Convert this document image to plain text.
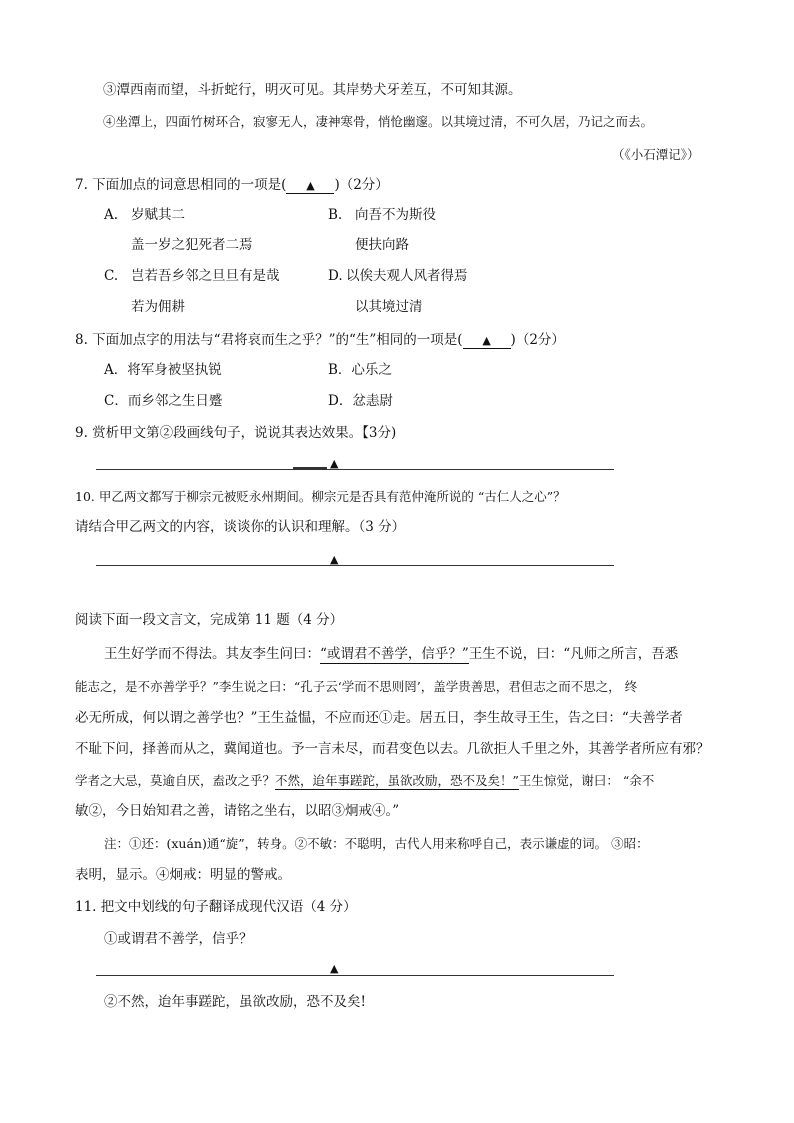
③潭西南而望，斗折蛇行，明灭可见。其岸势犬牙差互，不可知其源。
④坐潭上，四面竹树环合，寂寥无人，凄神寒骨，悄怆幽邃。以其境过清，不可久居，乃记之而去。
（《小石潭记》）
7. 下面加点的词意思相同的一项是( ▲ )（2分）
A. 岁赋其二
盖一岁之犯死者二焉
B. 向吾不为斯役
便扶向路
C. 岂若吾乡邻之旦旦有是哉
若为佣耕
D. 以俟夫观人风者得焉
以其境过清
8. 下面加点字的用法与“君将哀而生之乎？”的“生”相同的一项是( ▲ )（2分）
A．将军身被坚执锐	B．心乐之
C．而乡邻之生日蹙	D．忿恚尉
9. 赏析甲文第②段画线句子，说说其表达效果。【3分)
▲
10. 甲乙两文都写于柳宗元被贬永州期间。柳宗元是否具有范仲淹所说的 “古仁人之心”？
请结合甲乙两文的内容，谈谈你的认识和理解。（3 分）
▲
阅读下面一段文言文，完成第 11 题（4 分）
王生好学而不得法。其友李生问曰：“或谓君不善学，信乎？”王生不说，曰：“凡师之所言，吾悉
能志之，是不亦善学乎？”李生说之曰：“孔子云‘学而不思则罔’，盖学贵善思，君但志之而不思之， 终
必无所成，何以谓之善学也？”王生益愠，不应而还①走。居五日，李生故寻王生，告之曰：“夫善学者
不耻下问，择善而从之，冀闻道也。予一言未尽，而君变色以去。几欲拒人千里之外，其善学者所应有邪？
学者之大忌，莫逾自厌，盍改之乎？不然，迨年事蹉跎，虽欲改励，恐不及矣！”王生惊觉，谢曰： “余不
敏②，今日始知君之善，请铭之坐右，以昭③炯戒④。”
注：①还：(xuán)通“旋”，转身。②不敏：不聪明，古代人用来称呼自己，表示谦虚的词。 ③昭：
表明，显示。④炯戒：明显的警戒。
11. 把文中划线的句子翻译成现代汉语（4 分）
①或谓君不善学，信乎？
▲
②不然，迨年事蹉跎，虽欲改励，恐不及矣!
